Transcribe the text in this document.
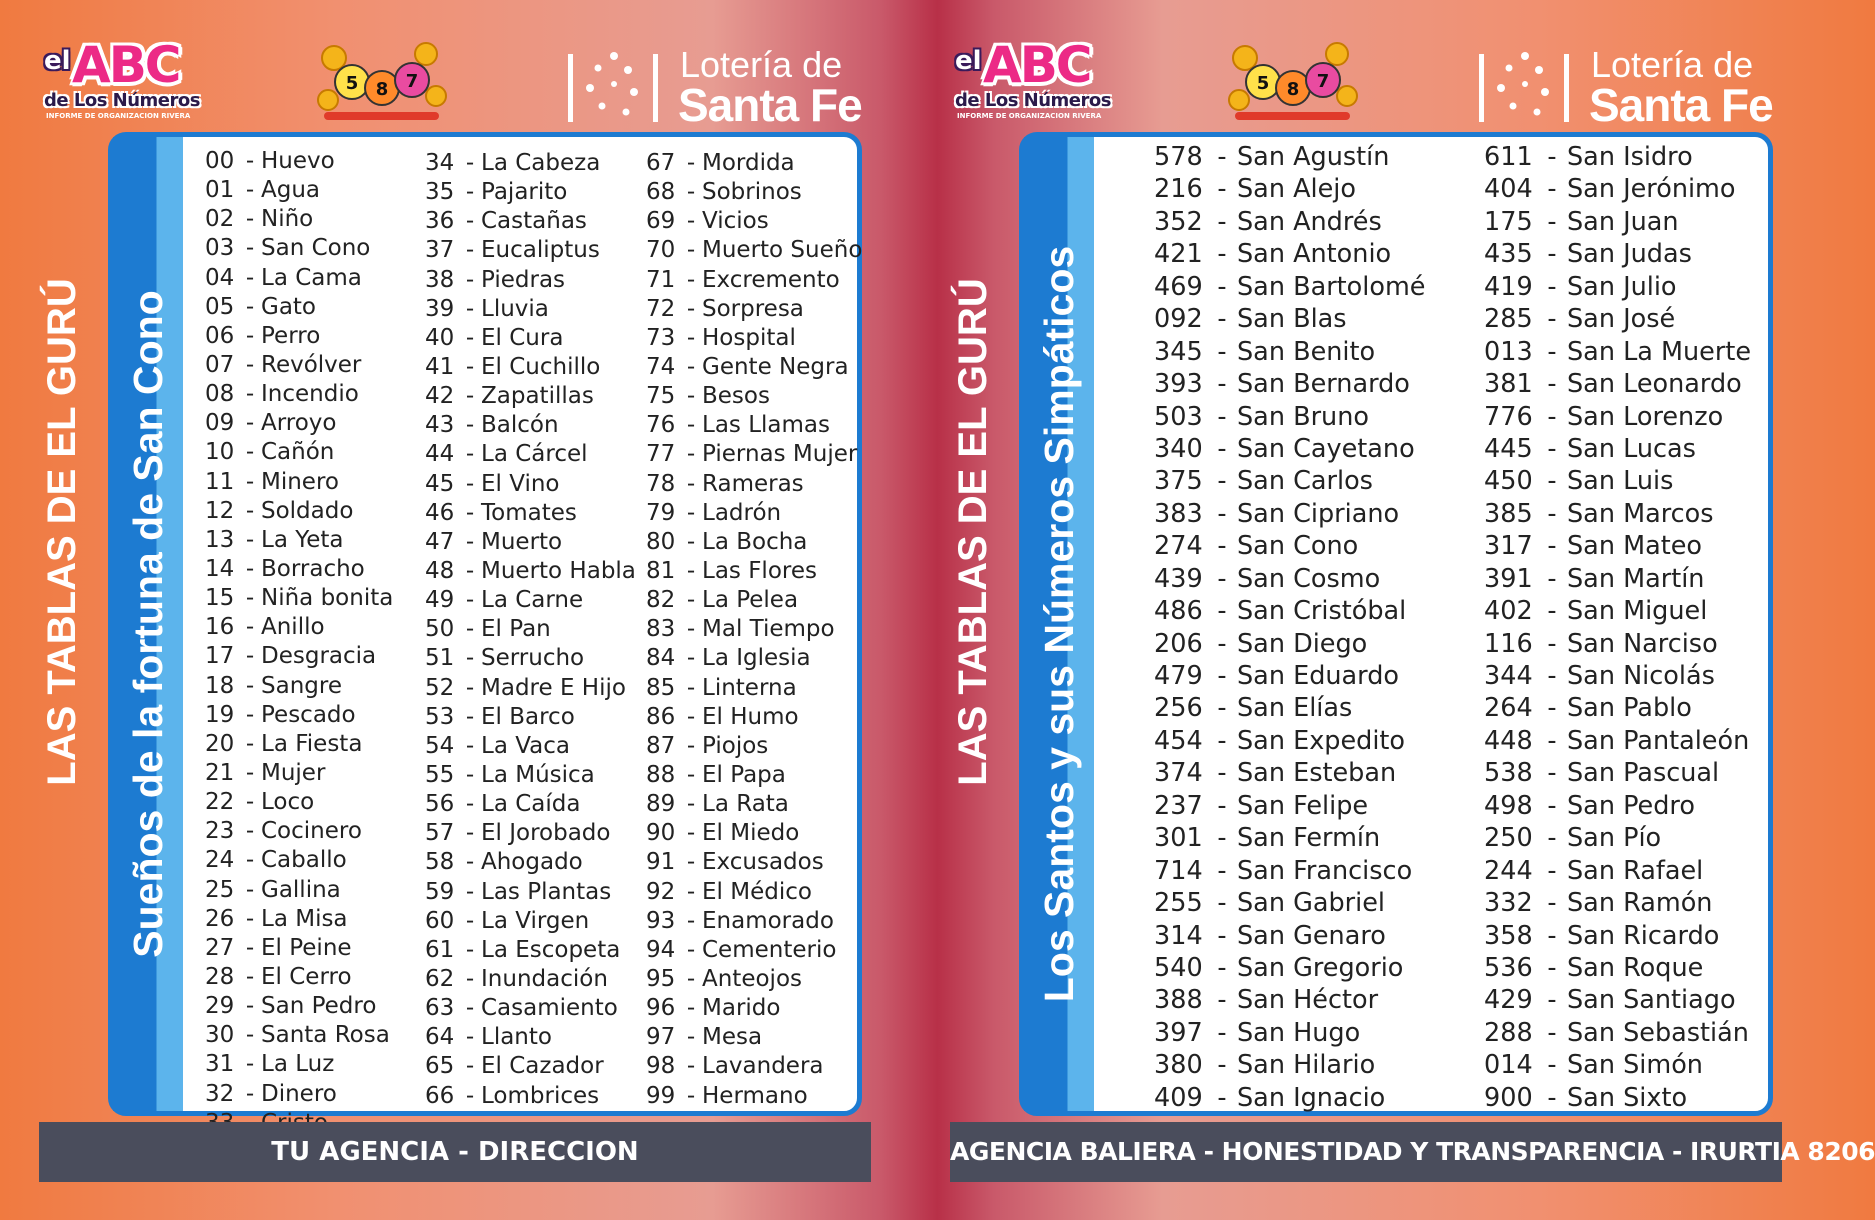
el ABC
de Los Números
INFORME DE ORGANIZACION RIVERA
5 8 7	Lotería de
Santa Fe
LAS TABLAS DE EL GURÚ Sueños de la fortuna de San Cono
00 - Huevo
01 - Agua
02 - Niño
03 - San Cono
04 - La Cama
05 - Gato
06 - Perro
07 - Revólver
08 - Incendio
09 - Arroyo
10 - Cañón
11 - Minero
12 - Soldado
13 - La Yeta
14 - Borracho
15 - Niña bonita
16 - Anillo
17 - Desgracia
18 - Sangre
19 - Pescado
20 - La Fiesta
21 - Mujer
22 - Loco
23 - Cocinero
24 - Caballo
25 - Gallina
26 - La Misa
27 - El Peine
28 - El Cerro
29 - San Pedro
30 - Santa Rosa
31 - La Luz
32 - Dinero
34 - La Cabeza
35 - Pajarito
36 - Castañas
37 - Eucaliptus
38 - Piedras
39 - Lluvia
40 - El Cura
41 - El Cuchillo
42 - Zapatillas
43 - Balcón
44 - La Cárcel
45 - El Vino
46 - Tomates
47 - Muerto
48 - Muerto Habla
49 - La Carne
50 - El Pan
51 - Serrucho
52 - Madre E Hijo
53 - El Barco
54 - La Vaca
55 - La Música
56 - La Caída
57 - El Jorobado
58 - Ahogado
59 - Las Plantas
60 - La Virgen
61 - La Escopeta
62 - Inundación
63 - Casamiento
64 - Llanto
65 - El Cazador
66 - Lombrices
67 - Mordida
68 - Sobrinos
69 - Vicios
70 - Muerto Sueño
71 - Excremento
72 - Sorpresa
73 - Hospital
74 - Gente Negra
75 - Besos
76 - Las Llamas
77 - Piernas Mujer
78 - Rameras
79 - Ladrón
80 - La Bocha
81 - Las Flores
82 - La Pelea
83 - Mal Tiempo
84 - La Iglesia
85 - Linterna
86 - El Humo
87 - Piojos
88 - El Papa
89 - La Rata
90 - El Miedo
91 - Excusados
92 - El Médico
93 - Enamorado
94 - Cementerio
95 - Anteojos
96 - Marido
97 - Mesa
98 - Lavandera
99 - Hermano
TU AGENCIA - DIRECCION
el ABC
de Los Números
INFORME DE ORGANIZACION RIVERA
5 8 7	Lotería de
Santa Fe
LAS TABLAS DE EL GURÚ Los Santos y sus Números Simpáticos
578 - San Agustín
216 - San Alejo
352 - San Andrés
421 - San Antonio
469 - San Bartolomé
092 - San Blas
345 - San Benito
393 - San Bernardo
503 - San Bruno
340 - San Cayetano
375 - San Carlos
383 - San Cipriano
274 - San Cono
439 - San Cosmo
486 - San Cristóbal
206 - San Diego
479 - San Eduardo
256 - San Elías
454 - San Expedito
374 - San Esteban
237 - San Felipe
301 - San Fermín
714 - San Francisco
255 - San Gabriel
314 - San Genaro
540 - San Gregorio
388 - San Héctor
397 - San Hugo
380 - San Hilario
409 - San Ignacio
611 - San Isidro
404 - San Jerónimo
175 - San Juan
435 - San Judas
419 - San Julio
285 - San José
013 - San La Muerte
381 - San Leonardo
776 - San Lorenzo
445 - San Lucas
450 - San Luis
385 - San Marcos
317 - San Mateo
391 - San Martín
402 - San Miguel
116 - San Narciso
344 - San Nicolás
264 - San Pablo
448 - San Pantaleón
538 - San Pascual
498 - San Pedro
250 - San Pío
244 - San Rafael
332 - San Ramón
358 - San Ricardo
536 - San Roque
429 - San Santiago
288 - San Sebastián
014 - San Simón
900 - San Sixto
AGENCIA BALIERA - HONESTIDAD Y TRANSPARENCIA - IRURTIA 8206
